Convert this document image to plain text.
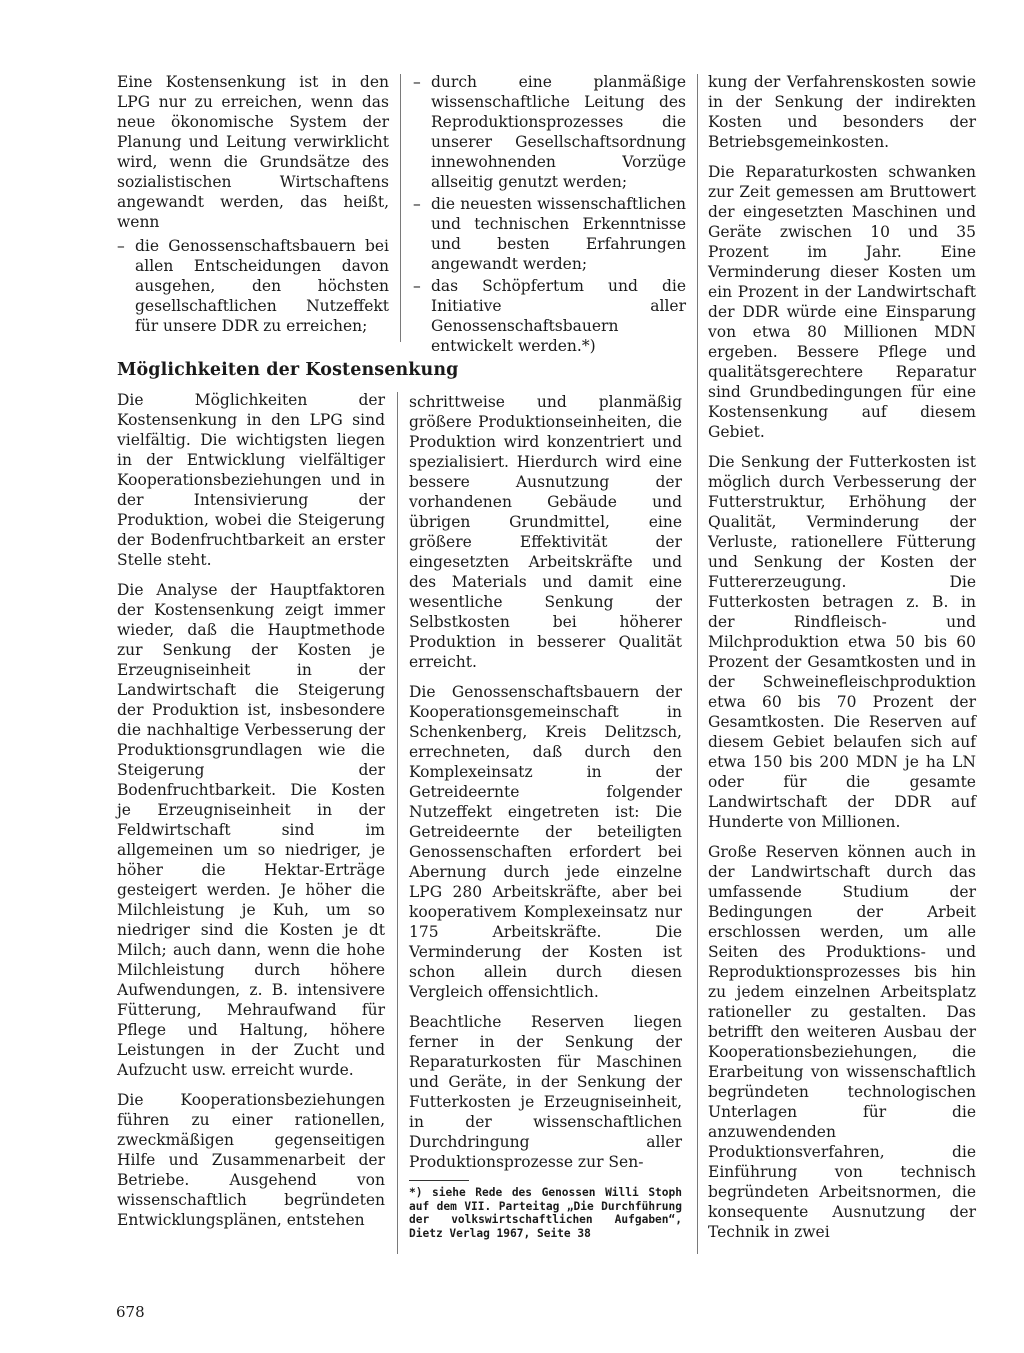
Eine Kostensenkung ist in den LPG nur zu erreichen, wenn das neue ökonomische System der Planung und Leitung verwirklicht wird, wenn die Grundsätze des sozialistischen Wirtschaftens angewandt werden, das heißt, wenn

– die Genossenschaftsbauern bei allen Entscheidungen davon ausgehen, den höchsten gesellschaftlichen Nutzeffekt für unsere DDR zu erreichen;
– durch eine planmäßige wissenschaftliche Leitung des Reproduktionsprozesses die unserer Gesellschaftsordnung innewohnenden Vorzüge allseitig genutzt werden;
– die neuesten wissenschaftlichen und technischen Erkenntnisse und besten Erfahrungen angewandt werden;
– das Schöpfertum und die Initiative aller Genossenschaftsbauern entwickelt werden.*)
Möglichkeiten der Kostensenkung

Die Möglichkeiten der Kostensenkung in den LPG sind vielfältig. Die wichtigsten liegen in der Entwicklung vielfältiger Kooperationsbeziehungen und in der Intensivierung der Produktion, wobei die Steigerung der Bodenfruchtbarkeit an erster Stelle steht.

Die Analyse der Hauptfaktoren der Kostensenkung zeigt immer wieder, daß die Hauptmethode zur Senkung der Kosten je Erzeugniseinheit in der Landwirtschaft die Steigerung der Produktion ist, insbesondere die nachhaltige Verbesserung der Produktionsgrundlagen wie die Steigerung der Bodenfruchtbarkeit. Die Kosten je Erzeugniseinheit in der Feldwirtschaft sind im allgemeinen um so niedriger, je höher die Hektar-Erträge gesteigert werden. Je höher die Milchleistung je Kuh, um so niedriger sind die Kosten je dt Milch; auch dann, wenn die hohe Milchleistung durch höhere Aufwendungen, z. B. intensivere Fütterung, Mehraufwand für Pflege und Haltung, höhere Leistungen in der Zucht und Aufzucht usw. erreicht wurde.

Die Kooperationsbeziehungen führen zu einer rationellen, zweckmäßigen gegenseitigen Hilfe und Zusammenarbeit der Betriebe. Ausgehend von wissenschaftlich begründeten Entwicklungsplänen, entstehen

schrittweise und planmäßig größere Produktionseinheiten, die Produktion wird konzentriert und spezialisiert. Hierdurch wird eine bessere Ausnutzung der vorhandenen Gebäude und übrigen Grundmittel, eine größere Effektivität der eingesetzten Arbeitskräfte und des Materials und damit eine wesentliche Senkung der Selbstkosten bei höherer Produktion in besserer Qualität erreicht.

Die Genossenschaftsbauern der Kooperationsgemeinschaft in Schenkenberg, Kreis Delitzsch, errechneten, daß durch den Komplexeinsatz in der Getreideernte folgender Nutzeffekt eingetreten ist: Die Getreideernte der beteiligten Genossenschaften erfordert bei Abernung durch jede einzelne LPG 280 Arbeitskräfte, aber bei kooperativem Komplexeinsatz nur 175 Arbeitskräfte. Die Verminderung der Kosten ist schon allein durch diesen Vergleich offensichtlich.

Beachtliche Reserven liegen ferner in der Senkung der Reparaturkosten für Maschinen und Geräte, in der Senkung der Futterkosten je Erzeugniseinheit, in der wissenschaftlichen Durchdringung aller Produktionsprozesse zur Sen-

kung der Verfahrenskosten sowie in der Senkung der indirekten Kosten und besonders der Betriebsgemeinkosten.

Die Reparaturkosten schwanken zur Zeit gemessen am Bruttowert der eingesetzten Maschinen und Geräte zwischen 10 und 35 Prozent im Jahr. Eine Verminderung dieser Kosten um ein Prozent in der Landwirtschaft der DDR würde eine Einsparung von etwa 80 Millionen MDN ergeben. Bessere Pflege und qualitätsgerechtere Reparatur sind Grundbedingungen für eine Kostensenkung auf diesem Gebiet.

Die Senkung der Futterkosten ist möglich durch Verbesserung der Futterstruktur, Erhöhung der Qualität, Verminderung der Verluste, rationellere Fütterung und Senkung der Kosten der Futtererzeugung. Die Futterkosten betragen z. B. in der Rindfleisch- und Milchproduktion etwa 50 bis 60 Prozent der Gesamtkosten und in der Schweinefleischproduktion etwa 60 bis 70 Prozent der Gesamtkosten. Die Reserven auf diesem Gebiet belaufen sich auf etwa 150 bis 200 MDN je ha LN oder für die gesamte Landwirtschaft der DDR auf Hunderte von Millionen.

Große Reserven können auch in der Landwirtschaft durch das umfassende Studium der Bedingungen der Arbeit erschlossen werden, um alle Seiten des Produktions- und Reproduktionsprozesses bis hin zu jedem einzelnen Arbeitsplatz rationeller zu gestalten. Das betrifft den weiteren Ausbau der Kooperationsbeziehungen, die Erarbeitung von wissenschaftlich begründeten technologischen Unterlagen für die anzuwendenden Produktionsverfahren, die Einführung von technisch begründeten Arbeitsnormen, die konsequente Ausnutzung der Technik in zwei

*) siehe Rede des Genossen Willi Stoph auf dem VII. Parteitag „Die Durchführung der volkswirtschaftlichen Aufgaben“, Dietz Verlag 1967, Seite 38
678
